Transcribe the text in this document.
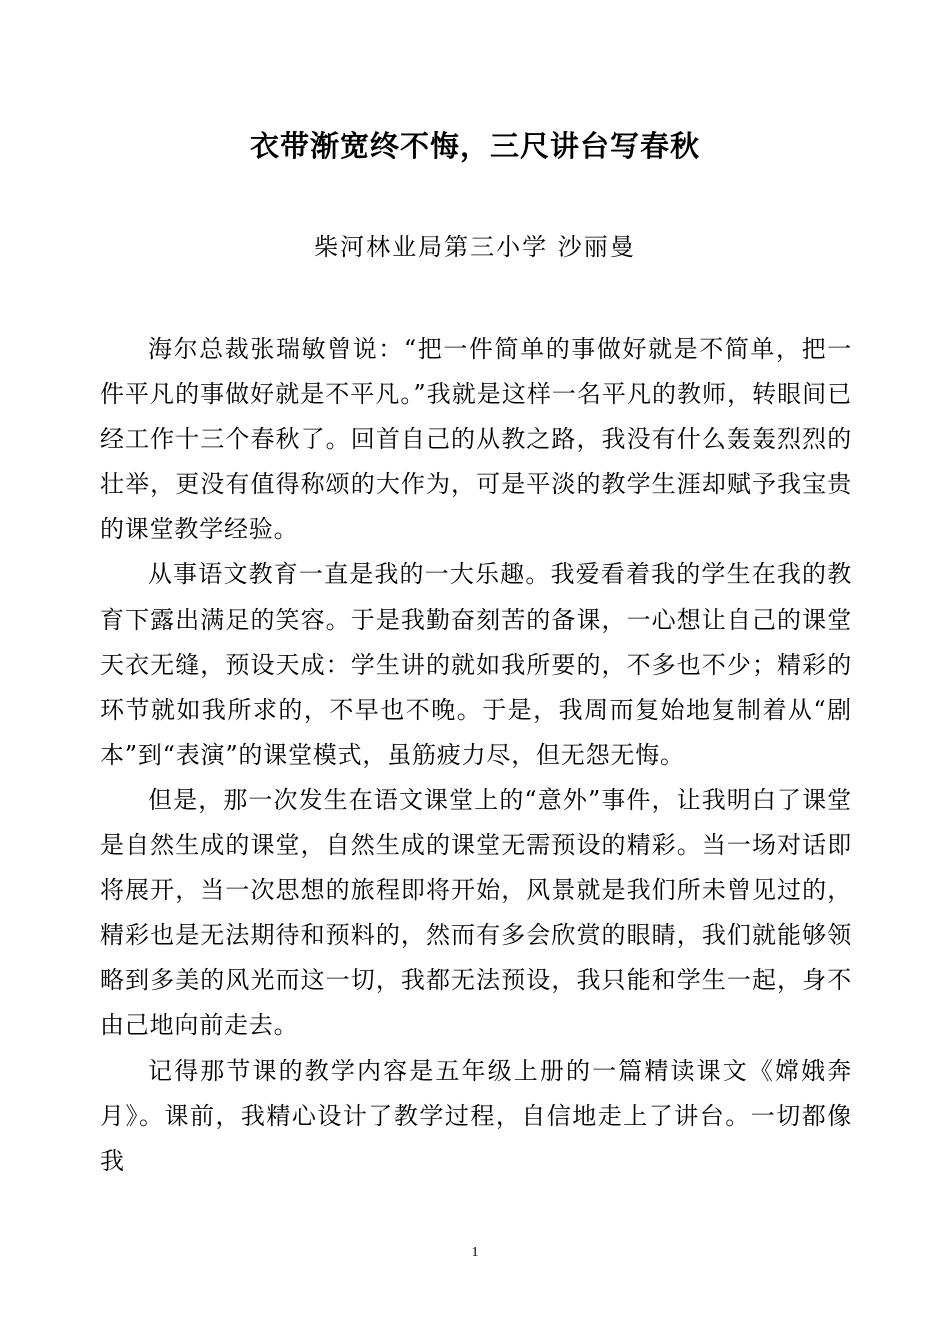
衣带渐宽终不悔，三尺讲台写春秋
柴河林业局第三小学 沙丽曼

海尔总裁张瑞敏曾说：“把一件简单的事做好就是不简单，把一件平凡的事做好就是不平凡。”我就是这样一名平凡的教师，转眼间已经工作十三个春秋了。回首自己的从教之路，我没有什么轰轰烈烈的壮举，更没有值得称颂的大作为，可是平淡的教学生涯却赋予我宝贵的课堂教学经验。

从事语文教育一直是我的一大乐趣。我爱看着我的学生在我的教育下露出满足的笑容。于是我勤奋刻苦的备课，一心想让自己的课堂天衣无缝，预设天成：学生讲的就如我所要的，不多也不少；精彩的环节就如我所求的，不早也不晚。于是，我周而复始地复制着从“剧本”到“表演”的课堂模式，虽筋疲力尽，但无怨无悔。

但是，那一次发生在语文课堂上的“意外”事件，让我明白了课堂是自然生成的课堂，自然生成的课堂无需预设的精彩。当一场对话即将展开，当一次思想的旅程即将开始，风景就是我们所未曾见过的，精彩也是无法期待和预料的，然而有多会欣赏的眼睛，我们就能够领略到多美的风光而这一切，我都无法预设，我只能和学生一起，身不由己地向前走去。

记得那节课的教学内容是五年级上册的一篇精读课文《嫦娥奔月》。课前，我精心设计了教学过程，自信地走上了讲台。一切都像我

1
